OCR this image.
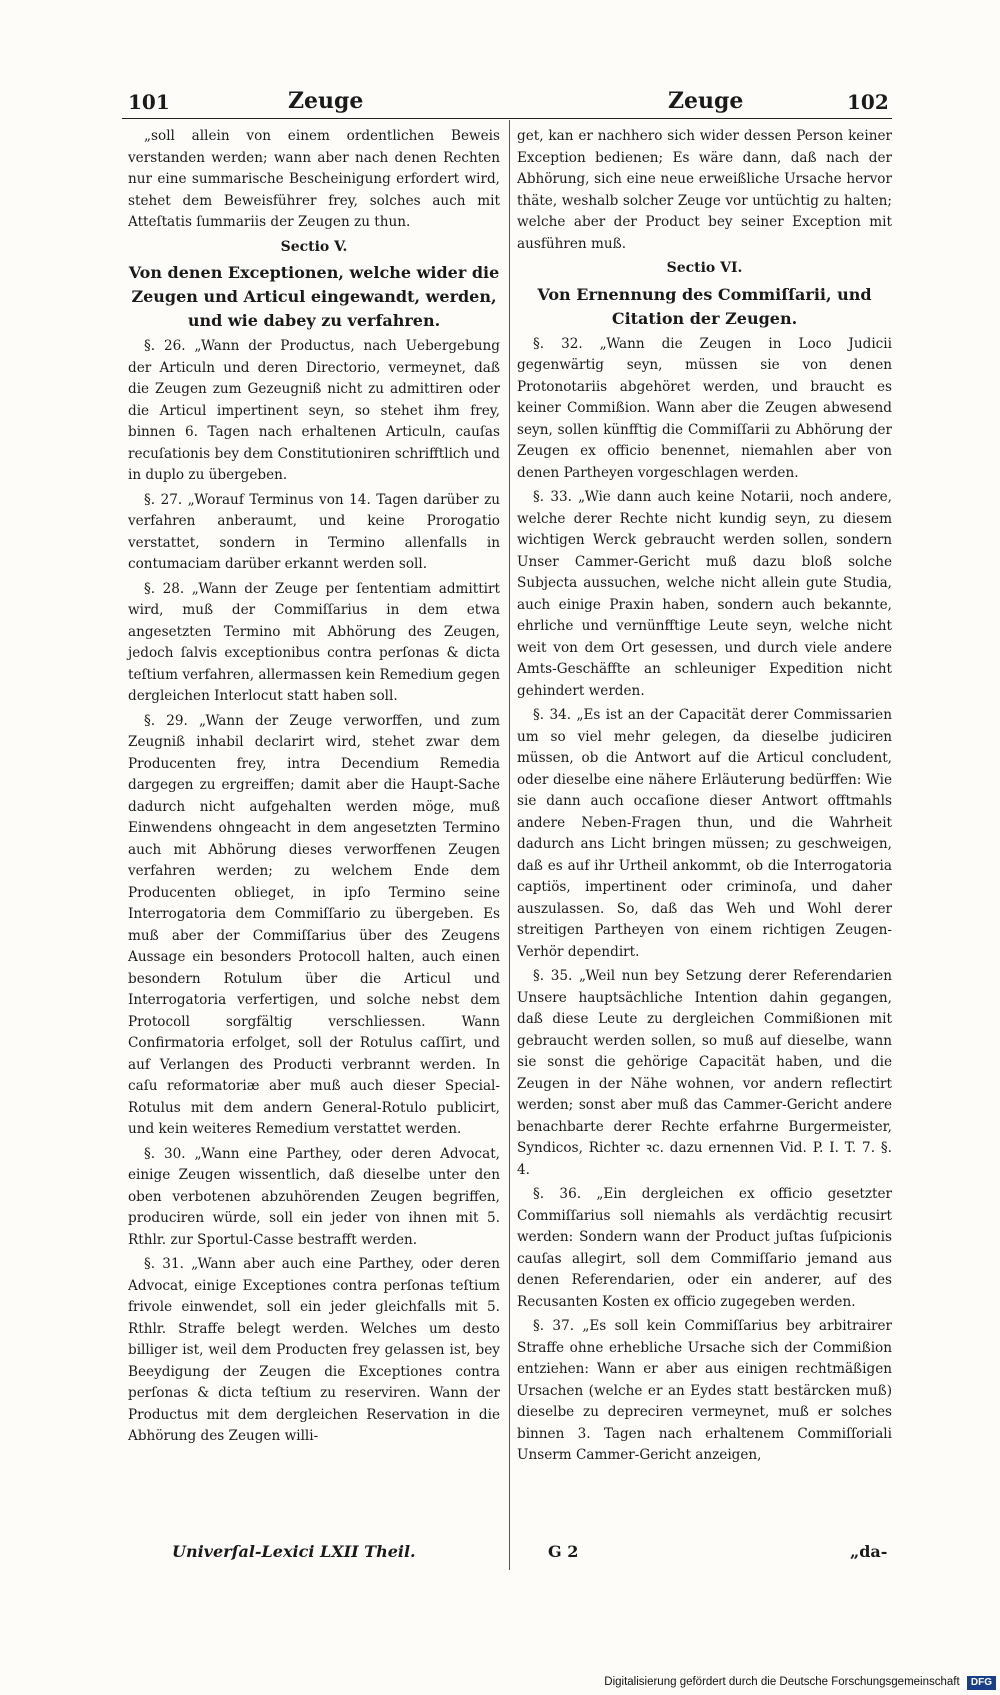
101	Zeuge	Zeuge	102

„soll allein von einem ordentlichen Beweis verstanden werden; wann aber nach denen Rechten nur eine summarische Bescheinigung erfordert wird, stehet dem Beweisführer frey, solches auch mit Atteſtatis ſummariis der Zeugen zu thun.

Sectio V.

Von denen Exceptionen, welche wider die Zeugen und Articul eingewandt, werden, und wie dabey zu verfahren.

§. 26. „Wann der Productus, nach Uebergebung der Articuln und deren Directorio, vermeynet, daß die Zeugen zum Gezeugniß nicht zu admittiren oder die Articul impertinent seyn, so stehet ihm frey, binnen 6. Tagen nach erhaltenen Articuln, cauſas recuſationis bey dem Constitutioniren schrifftlich und in duplo zu übergeben.

§. 27. „Worauf Terminus von 14. Tagen darüber zu verfahren anberaumt, und keine Prorogatio verstattet, sondern in Termino allenfalls in contumaciam darüber erkannt werden soll.

§. 28. „Wann der Zeuge per ſententiam admittirt wird, muß der Commiſſarius in dem etwa angesetzten Termino mit Abhörung des Zeugen, jedoch ſalvis exceptionibus contra perſonas & dicta teſtium verfahren, allermassen kein Remedium gegen dergleichen Interlocut statt haben soll.

§. 29. „Wann der Zeuge verworffen, und zum Zeugniß inhabil declarirt wird, stehet zwar dem Producenten frey, intra Decendium Remedia dargegen zu ergreiffen; damit aber die Haupt-Sache dadurch nicht aufgehalten werden möge, muß Einwendens ohngeacht in dem angesetzten Termino auch mit Abhörung dieses verworffenen Zeugen verfahren werden; zu welchem Ende dem Producenten oblieget, in ipſo Termino seine Interrogatoria dem Commiſſario zu übergeben. Es muß aber der Commiſſarius über des Zeugens Aussage ein besonders Protocoll halten, auch einen besondern Rotulum über die Articul und Interrogatoria verfertigen, und solche nebst dem Protocoll sorgfältig verschliessen. Wann Confirmatoria erfolget, soll der Rotulus caſſirt, und auf Verlangen des Producti verbrannt werden. In caſu reformatoriæ aber muß auch dieser Special-Rotulus mit dem andern General-Rotulo publicirt, und kein weiteres Remedium verstattet werden.

§. 30. „Wann eine Parthey, oder deren Advocat, einige Zeugen wissentlich, daß dieselbe unter den oben verbotenen abzuhörenden Zeugen begriffen, produciren würde, soll ein jeder von ihnen mit 5. Rthlr. zur Sportul-Casse bestrafft werden.

§. 31. „Wann aber auch eine Parthey, oder deren Advocat, einige Exceptiones contra perſonas teſtium frivole einwendet, soll ein jeder gleichfalls mit 5. Rthlr. Straffe belegt werden. Welches um desto billiger ist, weil dem Producten frey gelassen ist, bey Beeydigung der Zeugen die Exceptiones contra perſonas & dicta teſtium zu reserviren. Wann der Productus mit dem dergleichen Reservation in die Abhörung des Zeugen willi-

get, kan er nachhero sich wider dessen Person keiner Exception bedienen; Es wäre dann, daß nach der Abhörung, sich eine neue erweißliche Ursache hervor thäte, weshalb solcher Zeuge vor untüchtig zu halten; welche aber der Product bey seiner Exception mit ausführen muß.

Sectio VI.

Von Ernennung des Commiſſarii, und Citation der Zeugen.

§. 32. „Wann die Zeugen in Loco Judicii gegenwärtig seyn, müssen sie von denen Protonotariis abgehöret werden, und braucht es keiner Commißion. Wann aber die Zeugen abwesend seyn, sollen künfftig die Commiſſarii zu Abhörung der Zeugen ex officio benennet, niemahlen aber von denen Partheyen vorgeschlagen werden.

§. 33. „Wie dann auch keine Notarii, noch andere, welche derer Rechte nicht kundig seyn, zu diesem wichtigen Werck gebraucht werden sollen, sondern Unser Cammer-Gericht muß dazu bloß solche Subjecta aussuchen, welche nicht allein gute Studia, auch einige Praxin haben, sondern auch bekannte, ehrliche und vernünfftige Leute seyn, welche nicht weit von dem Ort gesessen, und durch viele andere Amts-Geschäffte an schleuniger Expedition nicht gehindert werden.

§. 34. „Es ist an der Capacität derer Commissarien um so viel mehr gelegen, da dieselbe judiciren müssen, ob die Antwort auf die Articul concludent, oder dieselbe eine nähere Erläuterung bedürffen: Wie sie dann auch occaſione dieser Antwort offtmahls andere Neben-Fragen thun, und die Wahrheit dadurch ans Licht bringen müssen; zu geschweigen, daß es auf ihr Urtheil ankommt, ob die Interrogatoria captiös, impertinent oder criminoſa, und daher auszulassen. So, daß das Weh und Wohl derer streitigen Partheyen von einem richtigen Zeugen-Verhör dependirt.

§. 35. „Weil nun bey Setzung derer Referendarien Unsere hauptsächliche Intention dahin gegangen, daß diese Leute zu dergleichen Commißionen mit gebraucht werden sollen, so muß auf dieselbe, wann sie sonst die gehörige Capacität haben, und die Zeugen in der Nähe wohnen, vor andern reflectirt werden; sonst aber muß das Cammer-Gericht andere benachbarte derer Rechte erfahrne Burgermeister, Syndicos, Richter ꝛc. dazu ernennen Vid. P. I. T. 7. §. 4.

§. 36. „Ein dergleichen ex officio gesetzter Commiſſarius soll niemahls als verdächtig recusirt werden: Sondern wann der Product juſtas ſuſpicionis cauſas allegirt, soll dem Commiſſario jemand aus denen Referendarien, oder ein anderer, auf des Recusanten Kosten ex officio zugegeben werden.

§. 37. „Es soll kein Commiſſarius bey arbitrairer Straffe ohne erhebliche Ursache sich der Commißion entziehen: Wann er aber aus einigen rechtmäßigen Ursachen (welche er an Eydes statt bestärcken muß) dieselbe zu depreciren vermeynet, muß er solches binnen 3. Tagen nach erhaltenem Commiſſoriali Unserm Cammer-Gericht anzeigen,

Univerſal-Lexici LXII Theil.	G 2	„da-
Digitalisierung gefördert durch die Deutsche Forschungsgemeinschaft DFG
